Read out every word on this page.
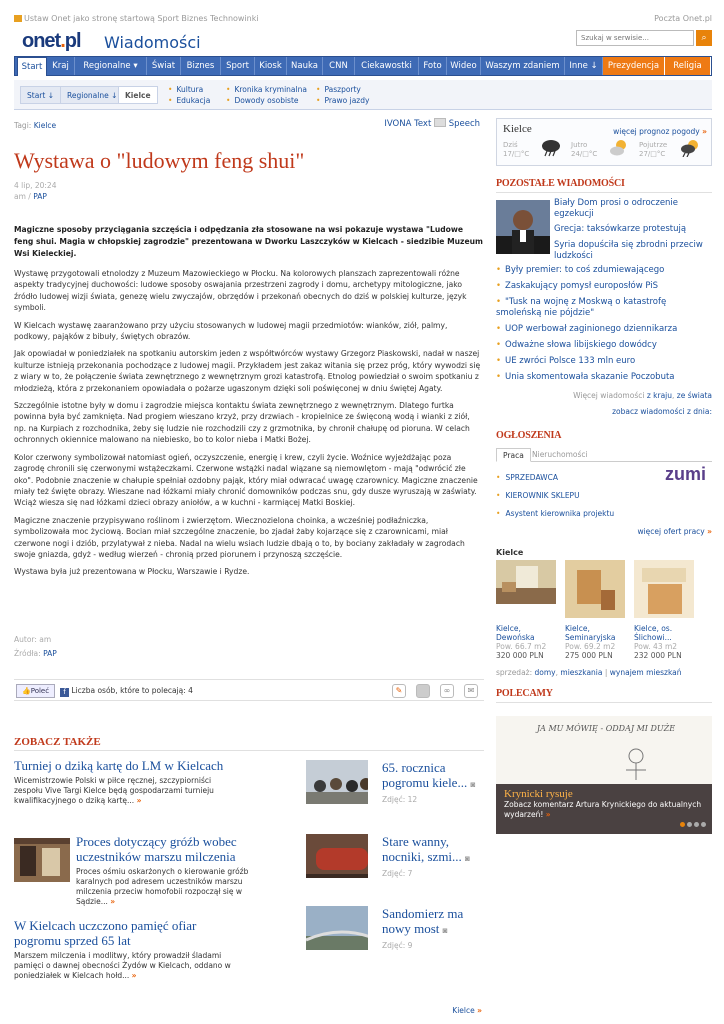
Ustaw Onet jako stronę startową Sport Biznes Technowinki	Poczta Onet.pl
onet.pl Wiadomości
Szukaj w serwisie...	⌕
Start	Kraj	Regionalne ▾	Świat	Biznes	Sport	Kiosk	Nauka	CNN	Ciekawostki	Foto	Wideo	Waszym zdaniem	Inne ↓	Prezydencja	Religia
Start ↓	Regionalne ↓	Kielce
• Kultura
• Edukacja
• Kronika kryminalna
• Dowody osobiste
• Paszporty
• Prawo jazdy
Tagi: Kielce	IVONA Text Speech
Wystawa o "ludowym feng shui"
4 lip, 20:24
am / PAP
Magiczne sposoby przyciągania szczęścia i odpędzania zła stosowane na wsi pokazuje wystawa "Ludowe feng shui. Magia w chłopskiej zagrodzie" prezentowana w Dworku Laszczyków w Kielcach - siedzibie Muzeum Wsi Kieleckiej.

Wystawę przygotowali etnolodzy z Muzeum Mazowieckiego w Płocku. Na kolorowych planszach zaprezentowali różne aspekty tradycyjnej duchowości: ludowe sposoby oswajania przestrzeni zagrody i domu, archetypy mitologiczne, jako źródło ludowej wizji świata, genezę wielu zwyczajów, obrzędów i przekonań obecnych do dziś w polskiej kulturze, język symboli.

W Kielcach wystawę zaaranżowano przy użyciu stosowanych w ludowej magii przedmiotów: wianków, ziół, palmy, podkowy, pająków z bibuły, świętych obrazów.

Jak opowiadał w poniedziałek na spotkaniu autorskim jeden z współtwórców wystawy Grzegorz Piaskowski, nadał w naszej kulturze istnieją przekonania pochodzące z ludowej magii. Przykładem jest zakaz witania się przez próg, który wywodzi się z wiary w to, że połączenie świata zewnętrznego z wewnętrznym grozi katastrofą. Etnolog powiedział o swoim spotkaniu z młodzieżą, która z przekonaniem opowiadała o pożarze ugaszonym dzięki soli poświęconej w dniu świętej Agaty.

Szczególnie istotne były w domu i zagrodzie miejsca kontaktu świata zewnętrznego z wewnętrznym. Dlatego furtka powinna była być zamknięta. Nad progiem wieszano krzyż, przy drzwiach - kropielnice ze święconą wodą i wianki z ziół, np. na Kurpiach z rozchodnika, żeby się ludzie nie rozchodzili czy z grzmotnika, by chronił chałupę od pioruna. W celach ochronnych okiennice malowano na niebiesko, bo to kolor nieba i Matki Bożej.

Kolor czerwony symbolizował natomiast ogień, oczyszczenie, energię i krew, czyli życie. Woźnice wyjeżdżając poza zagrodę chronili się czerwonymi wstążeczkami. Czerwone wstążki nadal wiązane są niemowlętom - mają "odwrócić złe oko". Podobnie znaczenie w chałupie spełniał ozdobny pająk, który miał odwracać uwagę czarownicy. Magiczne znaczenie miały też święte obrazy. Wieszane nad łóżkami miały chronić domowników podczas snu, gdy dusze wyruszają w zaświaty. Wciąż wiesza się nad łóżkami dzieci obrazy aniołów, a w kuchni - karmiącej Matki Boskiej.

Magiczne znaczenie przypisywano roślinom i zwierzętom. Wiecznozielona choinka, a wcześniej podłaźniczka, symbolizowała moc życiową. Bocian miał szczególne znaczenie, bo zjadał żaby kojarzące się z czarownicami, miał czerwone nogi i dziób, przylatywał z nieba. Nadal na wielu wsiach ludzie dbają o to, by bociany zakładały w zagrodach swoje gniazda, gdyż - według wierzeń - chronią przed piorunem i przynoszą szczęście.

Wystawa była już prezentowana w Płocku, Warszawie i Rydze.

Autor: am
Źródła: PAP
👍Poleć	f Liczba osób, które to polecają: 4	✎	∞ ✉
ZOBACZ TAKŻE
Turniej o dziką kartę do LM w Kielcach
Wicemistrzowie Polski w piłce ręcznej, szczypiorniści zespołu Vive Targi Kielce będą gospodarzami turnieju kwalifikacyjnego o dziką kartę... »
Proces dotyczący gróźb wobec uczestników marszu milczenia
Proces ośmiu oskarżonych o kierowanie gróźb karalnych pod adresem uczestników marszu milczenia przeciw homofobii rozpoczął się w Sądzie... »
W Kielcach uczczono pamięć ofiar pogromu sprzed 65 lat
Marszem milczenia i modlitwy, który prowadził śladami pamięci o dawnej obecności Żydów w Kielcach, oddano w poniedziałek w Kielcach hołd... »
65. rocznica pogromu kiele... ◙
Zdjęć: 12
Stare wanny, nocniki, szmi... ◙
Zdjęć: 7
Sandomierz ma nowy most ◙
Zdjęć: 9
Kielce »
Kielce	więcej prognoz pogody »
Dziś
17/□°C
Jutro
24/□°C
Pojutrze
27/□°C
POZOSTAŁE WIADOMOŚCI
Biały Dom prosi o odroczenie egzekucji
Grecja: taksówkarze protestują
Syria dopuściła się zbrodni przeciw ludzkości
• Były premier: to coś zdumiewającego
• Zaskakujący pomysł europosłów PiS
• "Tusk na wojnę z Moskwą o katastrofę smoleńską nie pójdzie"
• UOP werbował zaginionego dziennikarza
• Odważne słowa libijskiego dowódcy
• UE zwróci Polsce 133 mln euro
• Unia skomentowała skazanie Poczobuta
Więcej wiadomości z kraju, ze świata
zobacz wiadomości z dnia:
OGŁOSZENIA
Praca	Nieruchomości
• SPRZEDAWCA
• KIEROWNIK SKLEPU
• Asystent kierownika projektu
zumi
więcej ofert pracy »
Kielce
Kielce, Dewońska
Pow. 66.7 m2
320 000 PLN
Kielce, Seminaryjska
Pow. 69.2 m2
275 000 PLN
Kielce, os. Ślichowi...
Pow. 43 m2
232 000 PLN
sprzedaż: domy, mieszkania | wynajem mieszkań
POLECAMY
JA MU MÓWIĘ - ODDAJ MI DUŻE
Krynicki rysuje
Zobacz komentarz Artura Krynickiego do aktualnych wydarzeń! »
